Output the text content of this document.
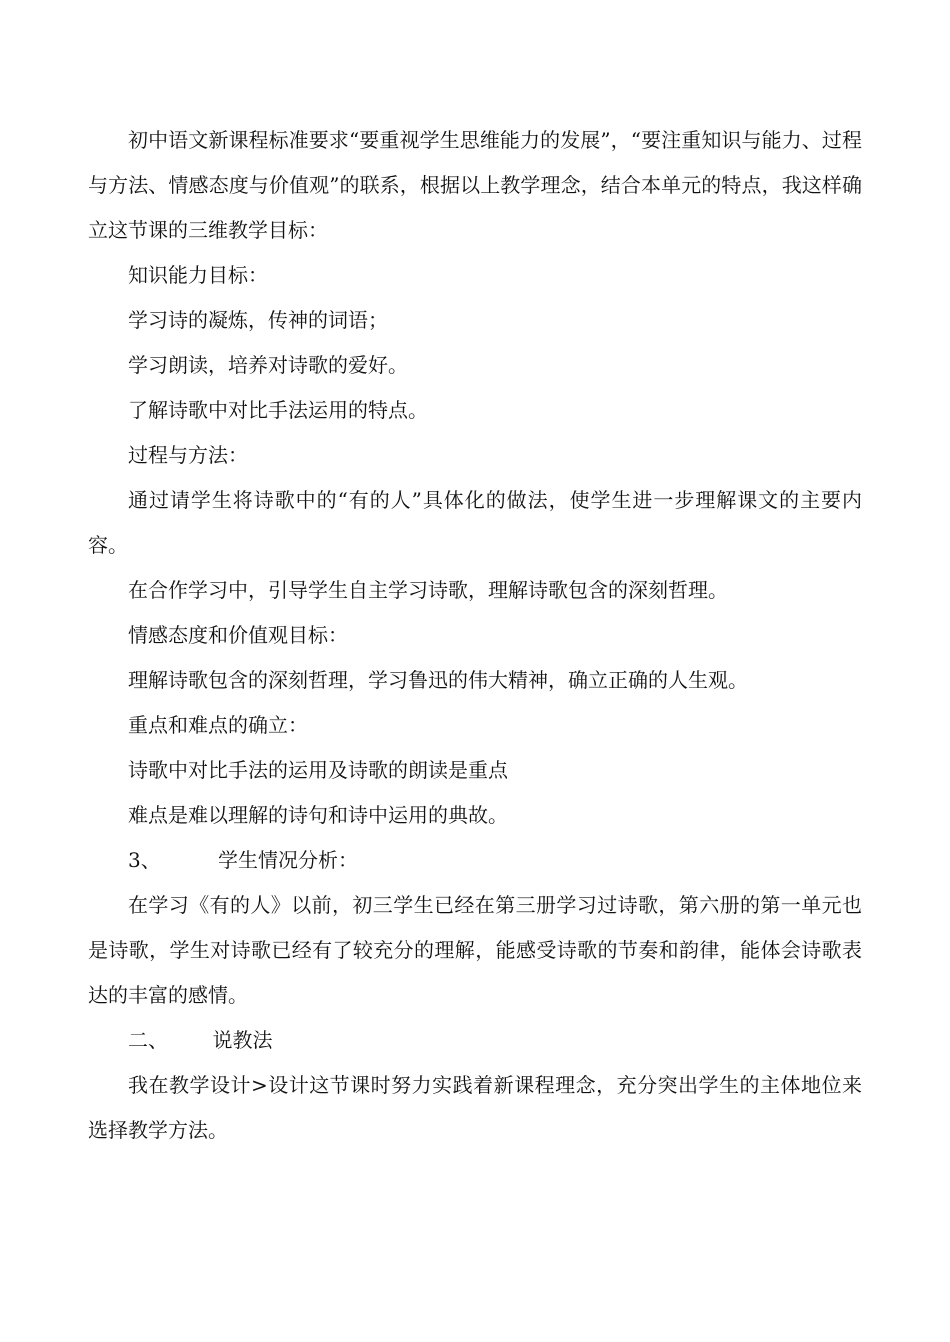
初中语文新课程标准要求“要重视学生思维能力的发展”，“要注重知识与能力、过程与方法、情感态度与价值观”的联系，根据以上教学理念，结合本单元的特点，我这样确立这节课的三维教学目标：

知识能力目标：

学习诗的凝炼，传神的词语；

学习朗读，培养对诗歌的爱好。

了解诗歌中对比手法运用的特点。

过程与方法：

通过请学生将诗歌中的“有的人”具体化的做法，使学生进一步理解课文的主要内容。

在合作学习中，引导学生自主学习诗歌，理解诗歌包含的深刻哲理。

情感态度和价值观目标：

理解诗歌包含的深刻哲理，学习鲁迅的伟大精神，确立正确的人生观。

重点和难点的确立：

诗歌中对比手法的运用及诗歌的朗读是重点

难点是难以理解的诗句和诗中运用的典故。

3、         学生情况分析：

在学习《有的人》以前，初三学生已经在第三册学习过诗歌，第六册的第一单元也是诗歌，学生对诗歌已经有了较充分的理解，能感受诗歌的节奏和韵律，能体会诗歌表达的丰富的感情。

二、       说教法

我在教学设计>设计这节课时努力实践着新课程理念，充分突出学生的主体地位来选择教学方法。
